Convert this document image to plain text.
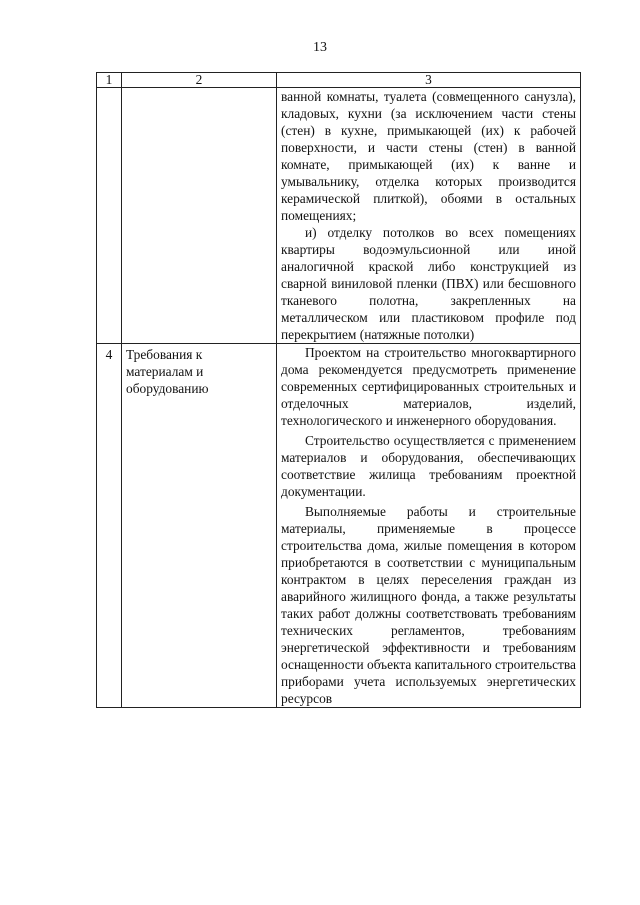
13
1	2	3

		ванной комнаты, туалета (совмещенного санузла), кладовых, кухни (за исключением части стены (стен) в кухне, примыкающей (их) к рабочей поверхности, и части стены (стен) в ванной комнате, примыкающей (их) к ванне и умывальнику, отделка которых производится керамической плиткой), обоями в остальных помещениях;

и) отделку потолков во всех помещениях квартиры водоэмульсионной или иной аналогичной краской либо конструкцией из сварной виниловой пленки (ПВХ) или бесшовного тканевого полотна, закрепленных на металлическом или пластиковом профиле под перекрытием (натяжные потолки)

4	Требования к материалам и оборудованию	Проектом на строительство многоквартирного дома рекомендуется предусмотреть применение современных сертифицированных строительных и отделочных материалов, изделий, технологического и инженерного оборудования.

Строительство осуществляется с применением материалов и оборудования, обеспечивающих соответствие жилища требованиям проектной документации.

Выполняемые работы и строительные материалы, применяемые в процессе строительства дома, жилые помещения в котором приобретаются в соответствии с муниципальным контрактом в целях переселения граждан из аварийного жилищного фонда, а также результаты таких работ должны соответствовать требованиям технических регламентов, требованиям энергетической эффективности и требованиям оснащенности объекта капитального строительства приборами учета используемых энергетических ресурсов
